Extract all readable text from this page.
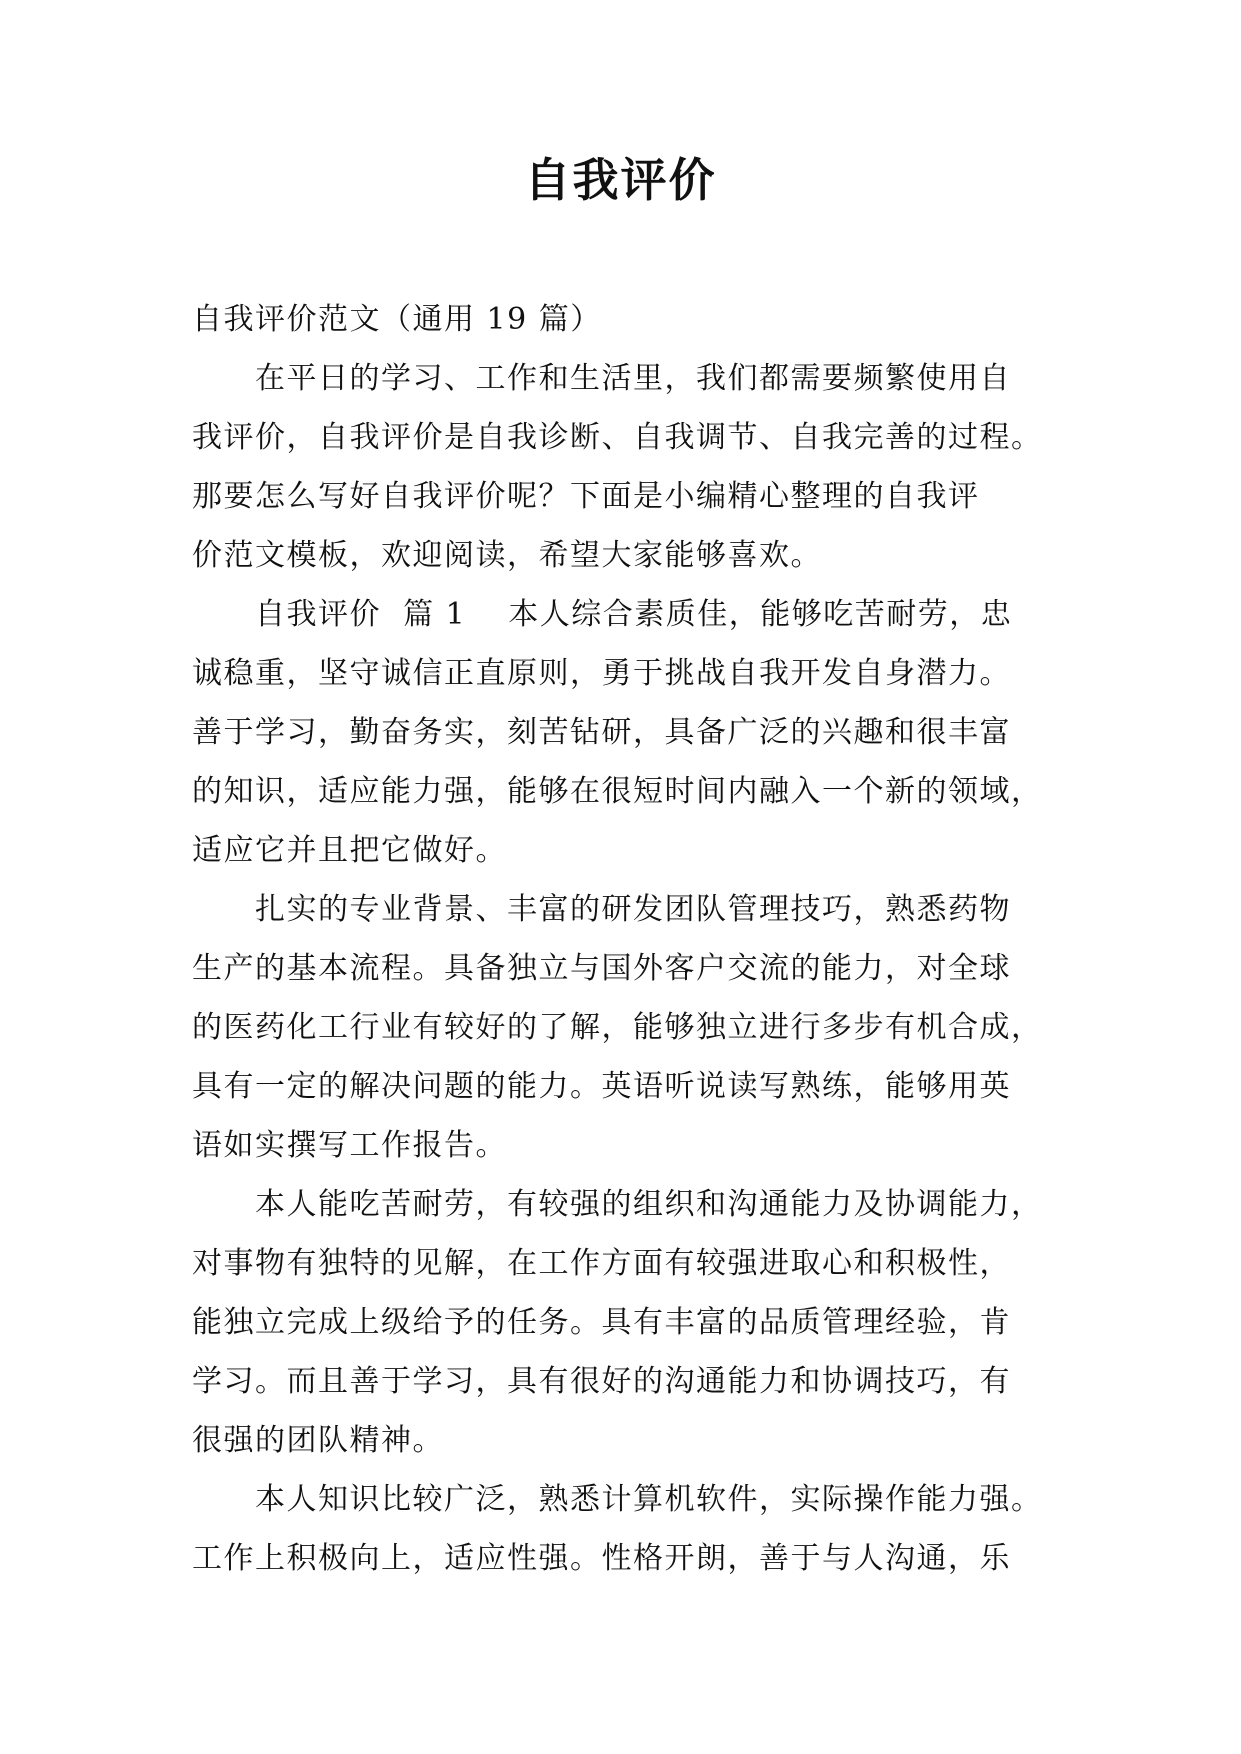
自我评价
自我评价范文（通用 19 篇）
在平日的学习、工作和生活里，我们都需要频繁使用自
我评价，自我评价是自我诊断、自我调节、自我完善的过程。
那要怎么写好自我评价呢？下面是小编精心整理的自我评
价范文模板，欢迎阅读，希望大家能够喜欢。
自我评价  篇 1 本人综合素质佳，能够吃苦耐劳，忠
诚稳重，坚守诚信正直原则，勇于挑战自我开发自身潜力。
善于学习，勤奋务实，刻苦钻研，具备广泛的兴趣和很丰富
的知识，适应能力强，能够在很短时间内融入一个新的领域，
适应它并且把它做好。
扎实的专业背景、丰富的研发团队管理技巧，熟悉药物
生产的基本流程。具备独立与国外客户交流的能力，对全球
的医药化工行业有较好的了解，能够独立进行多步有机合成，
具有一定的解决问题的能力。英语听说读写熟练，能够用英
语如实撰写工作报告。
本人能吃苦耐劳，有较强的组织和沟通能力及协调能力，
对事物有独特的见解，在工作方面有较强进取心和积极性，
能独立完成上级给予的任务。具有丰富的品质管理经验，肯
学习。而且善于学习，具有很好的沟通能力和协调技巧，有
很强的团队精神。
本人知识比较广泛，熟悉计算机软件，实际操作能力强。
工作上积极向上，适应性强。性格开朗，善于与人沟通，乐
